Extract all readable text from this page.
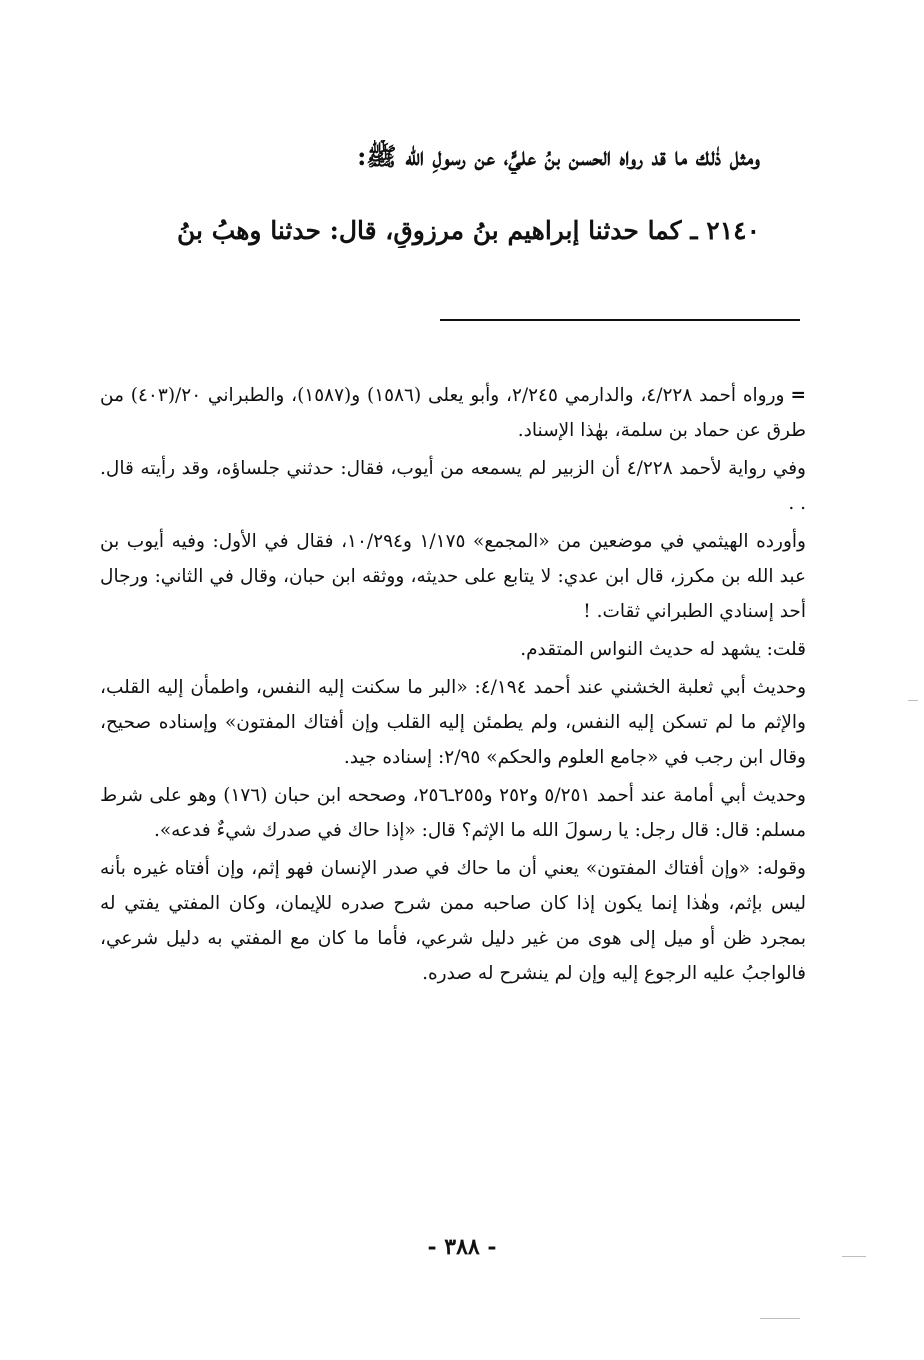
ومثل ذٰلك ما قد رواه الحسن بنُ عليٍّ، عن رسولِ الله ﷺ:
٢١٤٠ ـ كما حدثنا إبراهيم بنُ مرزوقٍ، قال: حدثنا وهبُ بنُ

=ورواه أحمد ٤/٢٢٨، والدارمي ٢/٢٤٥، وأبو يعلى (١٥٨٦) و(١٥٨٧)، والطبراني ٢٠/(٤٠٣) من طرق عن حماد بن سلمة، بهٰذا الإسناد.

وفي رواية لأحمد ٤/٢٢٨ أن الزبير لم يسمعه من أيوب، فقال: حدثني جلساؤه، وقد رأيته قال. . .

وأورده الهيثمي في موضعين من «المجمع» ١/١٧٥ و١٠/٢٩٤، فقال في الأول: وفيه أيوب بن عبد الله بن مكرز، قال ابن عدي: لا يتابع على حديثه، ووثقه ابن حبان، وقال في الثاني: ورجال أحد إسنادي الطبراني ثقات. !

قلت: يشهد له حديث النواس المتقدم.

وحديث أبي ثعلبة الخشني عند أحمد ٤/١٩٤: «البر ما سكنت إليه النفس، واطمأن إليه القلب، والإثم ما لم تسكن إليه النفس، ولم يطمئن إليه القلب وإن أفتاك المفتون» وإسناده صحيح، وقال ابن رجب في «جامع العلوم والحكم» ٢/٩٥: إسناده جيد.

وحديث أبي أمامة عند أحمد ٥/٢٥١ و٢٥٢ و٢٥٥ـ٢٥٦، وصححه ابن حبان (١٧٦) وهو على شرط مسلم: قال: قال رجل: يا رسولَ الله ما الإثم؟ قال: «إذا حاك في صدرك شيءٌ فدعه».

وقوله: «وإن أفتاك المفتون» يعني أن ما حاك في صدر الإنسان فهو إثم، وإن أفتاه غيره بأنه ليس بإثم، وهٰذا إنما يكون إذا كان صاحبه ممن شرح صدره للإيمان، وكان المفتي يفتي له بمجرد ظن أو ميل إلى هوى من غير دليل شرعي، فأما ما كان مع المفتي به دليل شرعي، فالواجبُ عليه الرجوع إليه وإن لم ينشرح له صدره.

- ٣٨٨ -
